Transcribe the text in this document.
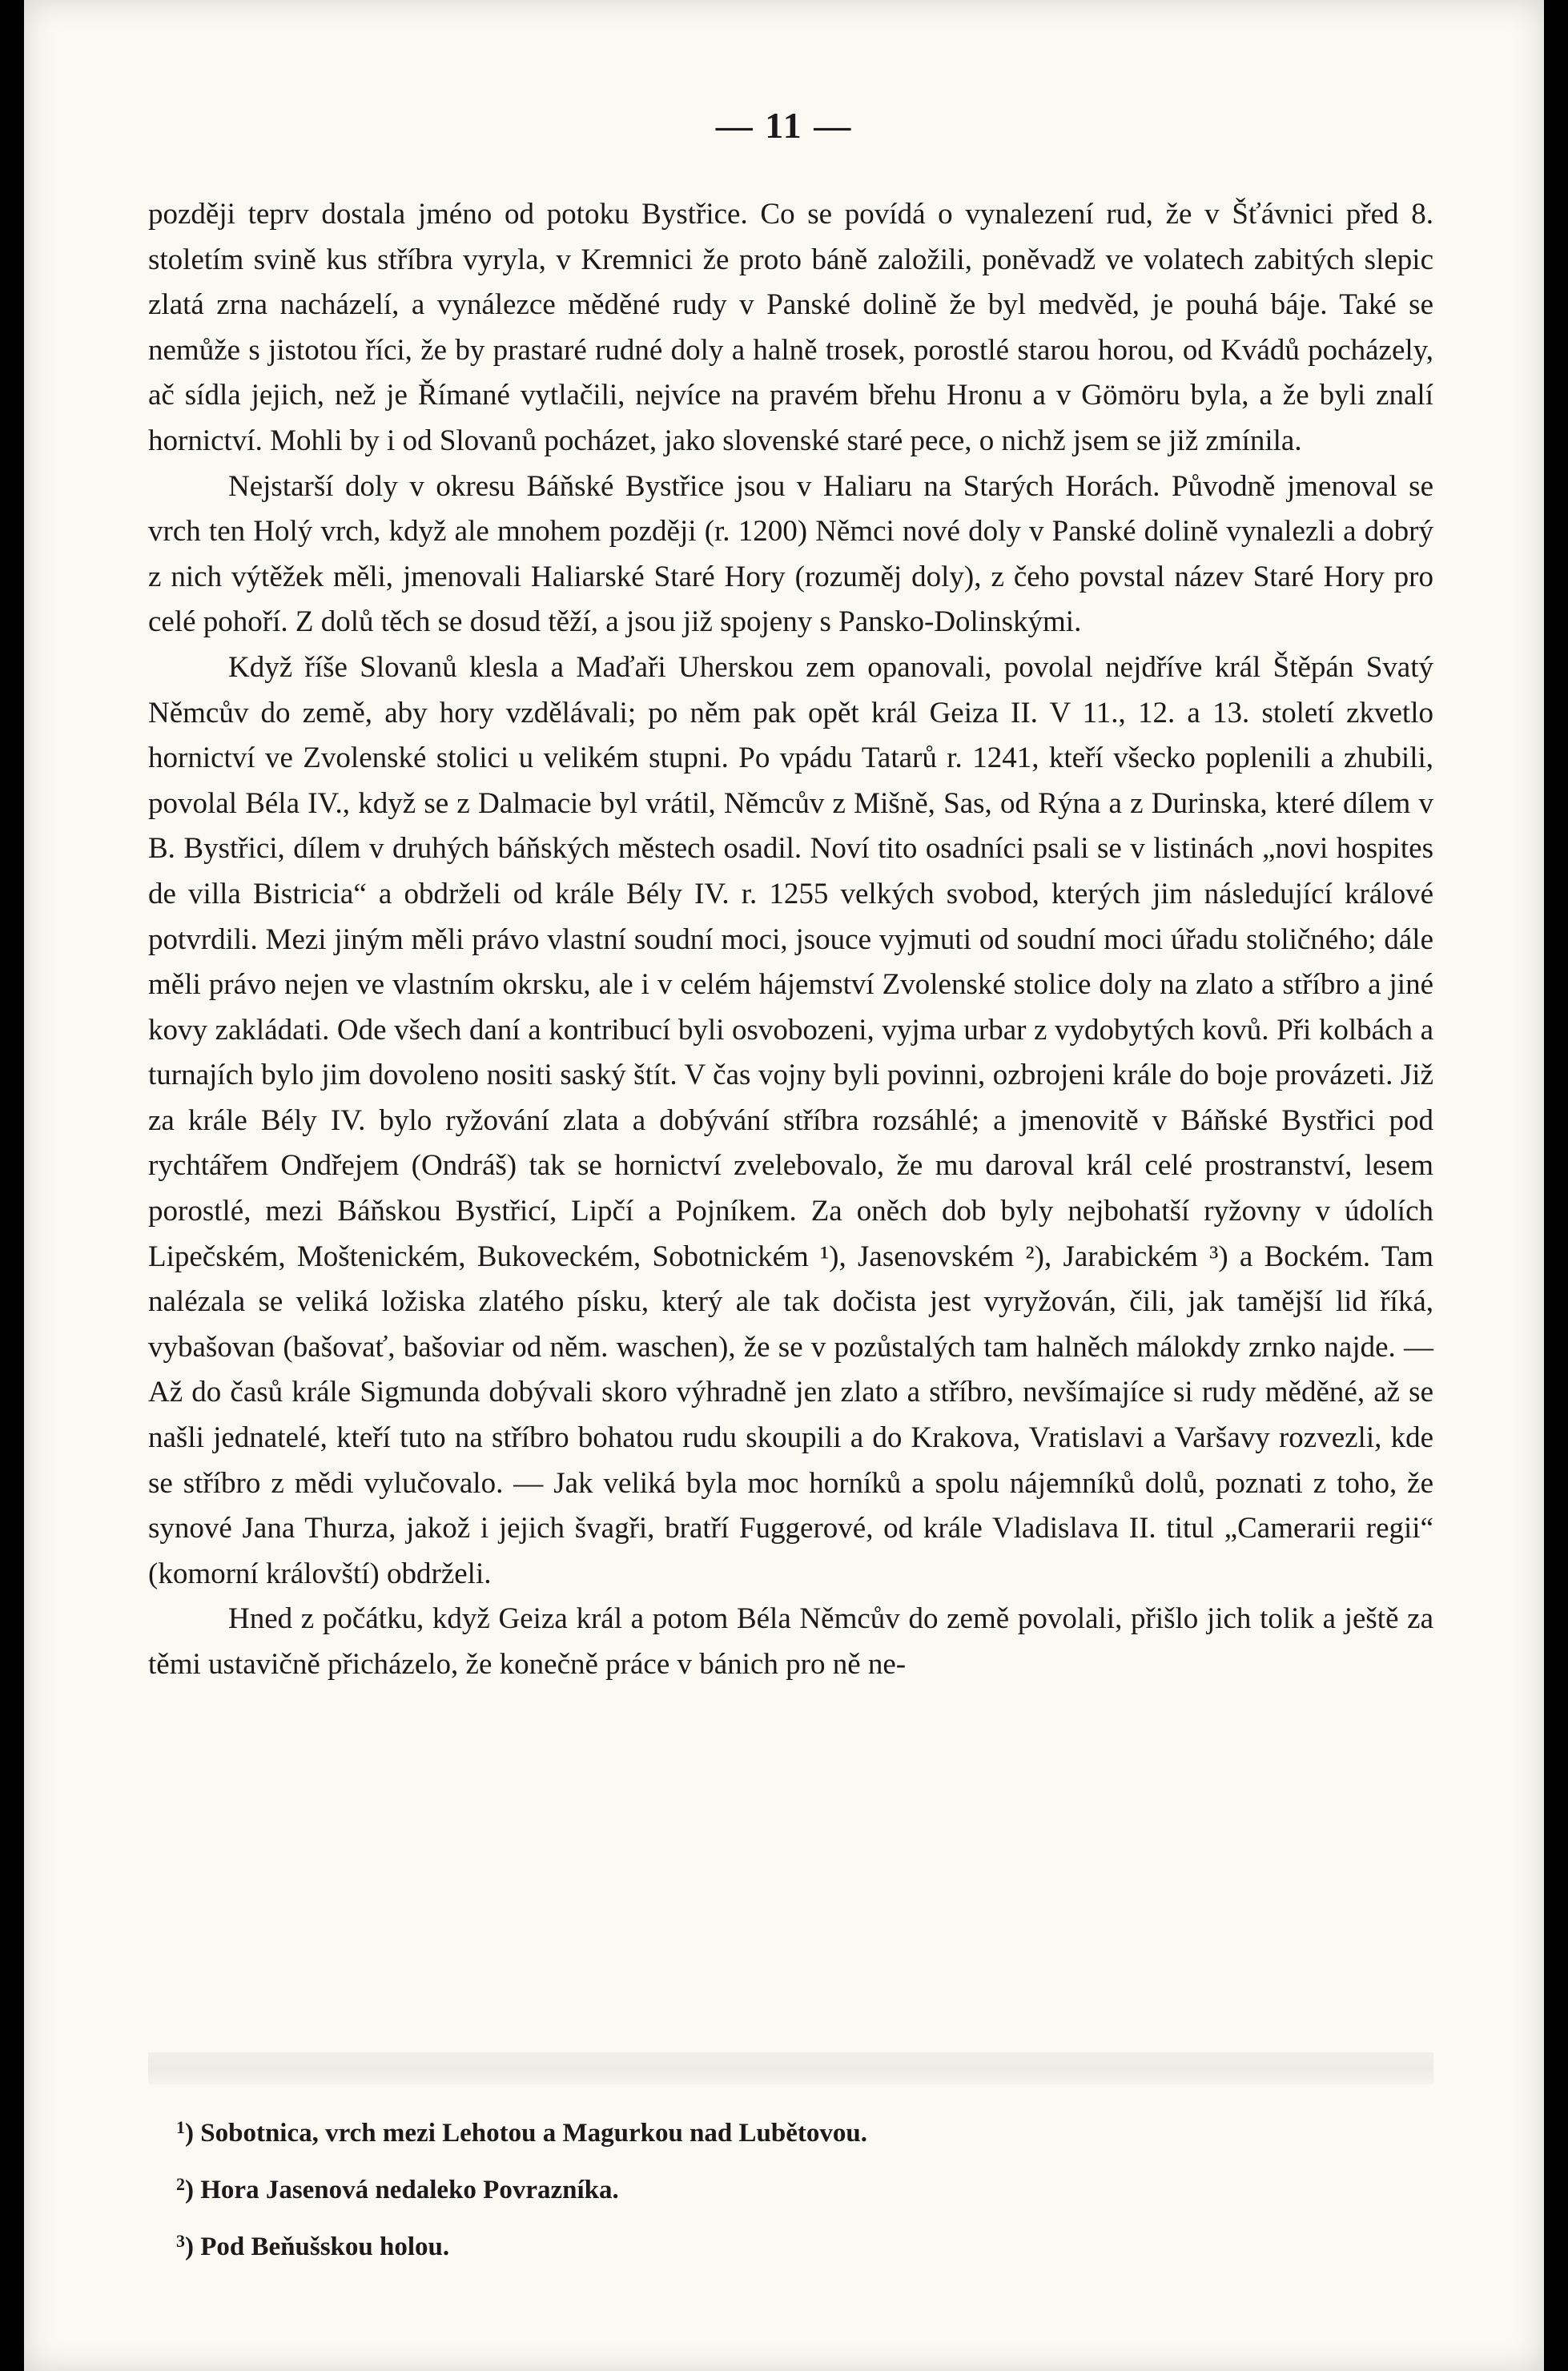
— 11 —

později teprv dostala jméno od potoku Bystřice. Co se povídá o vynalezení rud, že v Šťávnici před 8. stoletím svině kus stříbra vyryla, v Kremnici že proto báně založili, poněvadž ve volatech zabitých slepic zlatá zrna nacházelí, a vynálezce měděné rudy v Panské dolině že byl medvěd, je pouhá báje. Také se nemůže s jistotou říci, že by prastaré rudné doly a halně trosek, porostlé starou horou, od Kvádů pocházely, ač sídla jejich, než je Římané vytlačili, nejvíce na pravém břehu Hronu a v Gömöru byla, a že byli znalí hornictví. Mohli by i od Slovanů pocházet, jako slovenské staré pece, o nichž jsem se již zmínila.

Nejstarší doly v okresu Báňské Bystřice jsou v Haliaru na Starých Horách. Původně jmenoval se vrch ten Holý vrch, když ale mnohem později (r. 1200) Němci nové doly v Panské dolině vynalezli a dobrý z nich výtěžek měli, jmenovali Haliarské Staré Hory (rozuměj doly), z čeho povstal název Staré Hory pro celé pohoří. Z dolů těch se dosud těží, a jsou již spojeny s Pansko-Dolinskými.

Když říše Slovanů klesla a Maďaři Uherskou zem opanovali, povolal nejdříve král Štěpán Svatý Němcův do země, aby hory vzdělávali; po něm pak opět král Geiza II. V 11., 12. a 13. století zkvetlo hornictví ve Zvolenské stolici u velikém stupni. Po vpádu Tatarů r. 1241, kteří všecko poplenili a zhubili, povolal Béla IV., když se z Dalmacie byl vrátil, Němcův z Mišně, Sas, od Rýna a z Durinska, které dílem v B. Bystřici, dílem v druhých báňských městech osadil. Noví tito osadníci psali se v listinách „novi hospites de villa Bistricia“ a obdrželi od krále Bély IV. r. 1255 velkých svobod, kterých jim následující králové potvrdili. Mezi jiným měli právo vlastní soudní moci, jsouce vyjmuti od soudní moci úřadu stoličného; dále měli právo nejen ve vlastním okrsku, ale i v celém hájemství Zvolenské stolice doly na zlato a stříbro a jiné kovy zakládati. Ode všech daní a kontribucí byli osvobozeni, vyjma urbar z vydobytých kovů. Při kolbách a turnajích bylo jim dovoleno nositi saský štít. V čas vojny byli povinni, ozbrojeni krále do boje provázeti. Již za krále Bély IV. bylo ryžování zlata a dobývání stříbra rozsáhlé; a jmenovitě v Báňské Bystřici pod rychtářem Ondřejem (Ondráš) tak se hornictví zvelebovalo, že mu daroval král celé prostranství, lesem porostlé, mezi Báňskou Bystřicí, Lipčí a Pojníkem. Za oněch dob byly nejbohatší ryžovny v údolích Lipečském, Moštenickém, Bukoveckém, Sobotnickém ¹), Jasenovském ²), Jarabickém ³) a Bockém. Tam nalézala se veliká ložiska zlatého písku, který ale tak dočista jest vyryžován, čili, jak tamější lid říká, vybašovan (bašovať, bašoviar od něm. waschen), že se v pozůstalých tam halněch málokdy zrnko najde. — Až do časů krále Sigmunda dobývali skoro výhradně jen zlato a stříbro, nevšímajíce si rudy měděné, až se našli jednatelé, kteří tuto na stříbro bohatou rudu skoupili a do Krakova, Vratislavi a Varšavy rozvezli, kde se stříbro z mědi vylučovalo. — Jak veliká byla moc horníků a spolu nájemníků dolů, poznati z toho, že synové Jana Thurza, jakož i jejich švagři, bratří Fuggerové, od krále Vladislava II. titul „Camerarii regii“ (komorní královští) obdrželi.

Hned z počátku, když Geiza král a potom Béla Němcův do země povolali, přišlo jich tolik a ještě za těmi ustavičně přicházelo, že konečně práce v bánich pro ně ne-

$^1$) Sobotnica, vrch mezi Lehotou a Magurkou nad Lubětovou.
$^2$) Hora Jasenová nedaleko Povrazníka.
$^3$) Pod Beňušskou holou.
